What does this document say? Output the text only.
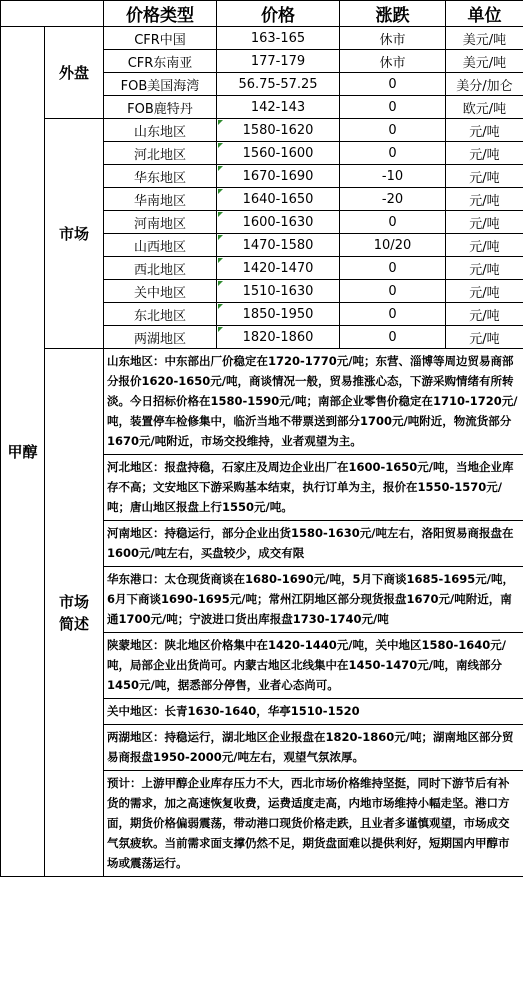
		价格类型	价格	涨跌	单位
甲醇	外盘	CFR中国	163-165	休市	美元/吨
		CFR东南亚	177-179	休市	美元/吨
		FOB美国海湾	56.75-57.25	0	美分/加仑
		FOB鹿特丹	142-143	0	欧元/吨
	市场	山东地区	1580-1620	0	元/吨
		河北地区	1560-1600	0	元/吨
		华东地区	1670-1690	-10	元/吨
		华南地区	1640-1650	-20	元/吨
		河南地区	1600-1630	0	元/吨
		山西地区	1470-1580	10/20	元/吨
		西北地区	1420-1470	0	元/吨
		关中地区	1510-1630	0	元/吨
		东北地区	1850-1950	0	元/吨
		两湖地区	1820-1860	0	元/吨
	市场简述	山东地区：中东部出厂价稳定在1720-1770元/吨；东营、淄博等周边贸易商部分报价1620-1650元/吨，商谈情况一般，贸易推涨心态，下游采购情绪有所转淡。今日招标价格在1580-1590元/吨；南部企业零售价稳定在1710-1720元/吨，装置停车检修集中，临沂当地不带票送到部分1700元/吨附近，物流货部分1670元/吨附近，市场交投维持，业者观望为主。			
		河北地区：报盘持稳，石家庄及周边企业出厂在1600-1650元/吨，当地企业库存不高；文安地区下游采购基本结束，执行订单为主，报价在1550-1570元/吨；唐山地区报盘上行1550元/吨。			
		河南地区：持稳运行，部分企业出货1580-1630元/吨左右，洛阳贸易商报盘在1600元/吨左右，买盘较少，成交有限			
		华东港口：太仓现货商谈在1680-1690元/吨，5月下商谈1685-1695元/吨，6月下商谈1690-1695元/吨；常州江阴地区部分现货报盘1670元/吨附近，南通1700元/吨；宁波进口货出库报盘1730-1740元/吨			
		陕蒙地区：陕北地区价格集中在1420-1440元/吨，关中地区1580-1640元/吨，局部企业出货尚可。内蒙古地区北线集中在1450-1470元/吨，南线部分1450元/吨，据悉部分停售，业者心态尚可。			
		关中地区：长青1630-1640，华亭1510-1520			
		两湖地区：持稳运行，湖北地区企业报盘在1820-1860元/吨；湖南地区部分贸易商报盘1950-2000元/吨左右，观望气氛浓厚。			
		预计：上游甲醇企业库存压力不大，西北市场价格维持坚挺，同时下游节后有补货的需求，加之高速恢复收费，运费适度走高，内地市场维持小幅走坚。港口方面，期货价格偏弱震荡，带动港口现货价格走跌，且业者多谨慎观望，市场成交气氛疲软。当前需求面支撑仍然不足，期货盘面难以提供利好，短期国内甲醇市场或震荡运行。			
